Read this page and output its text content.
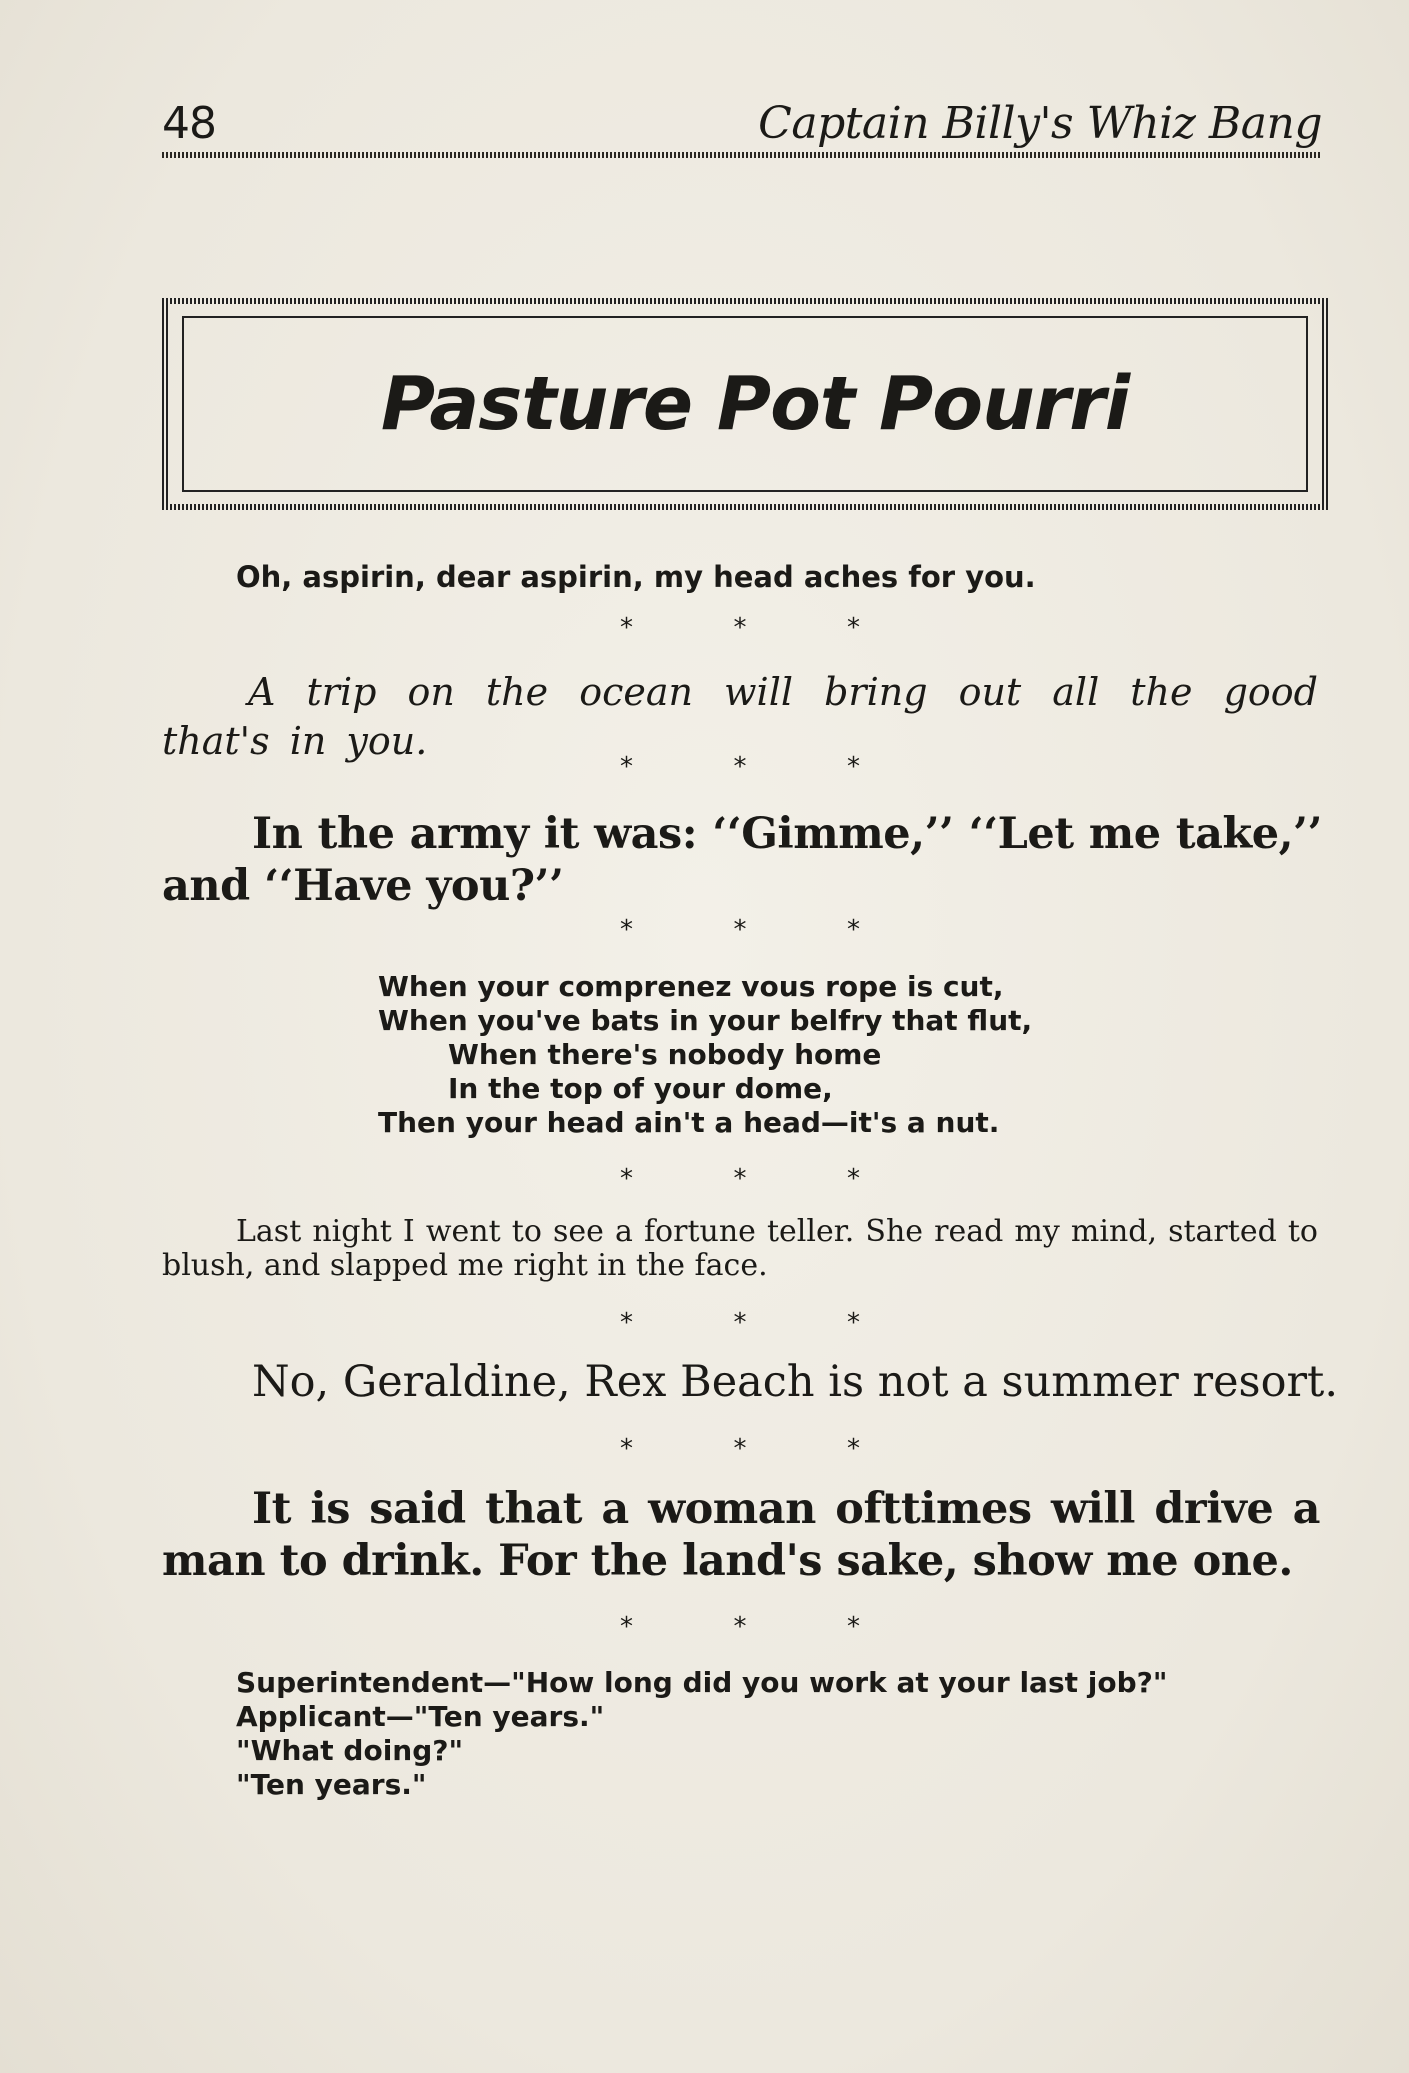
48	Captain Billy's Whiz Bang
Pasture Pot Pourri
Oh, aspirin, dear aspirin, my head aches for you.
*	*	*
A trip on the ocean will bring out all the good that's in you.
*	*	*
In the army it was: ‘‘Gimme,’’ ‘‘Let me take,’’ and ‘‘Have you?’’
*	*	*
When your comprenez vous rope is cut,
When you've bats in your belfry that flut,
When there's nobody home
In the top of your dome,
Then your head ain't a head—it's a nut.
*	*	*
Last night I went to see a fortune teller. She read my mind, started to blush, and slapped me right in the face.
*	*	*
No, Geraldine, Rex Beach is not a summer resort.
*	*	*
It is said that a woman ofttimes will drive a man to drink. For the land's sake, show me one.
*	*	*
Superintendent—"How long did you work at your last job?"
Applicant—"Ten years."
"What doing?"
"Ten years."
